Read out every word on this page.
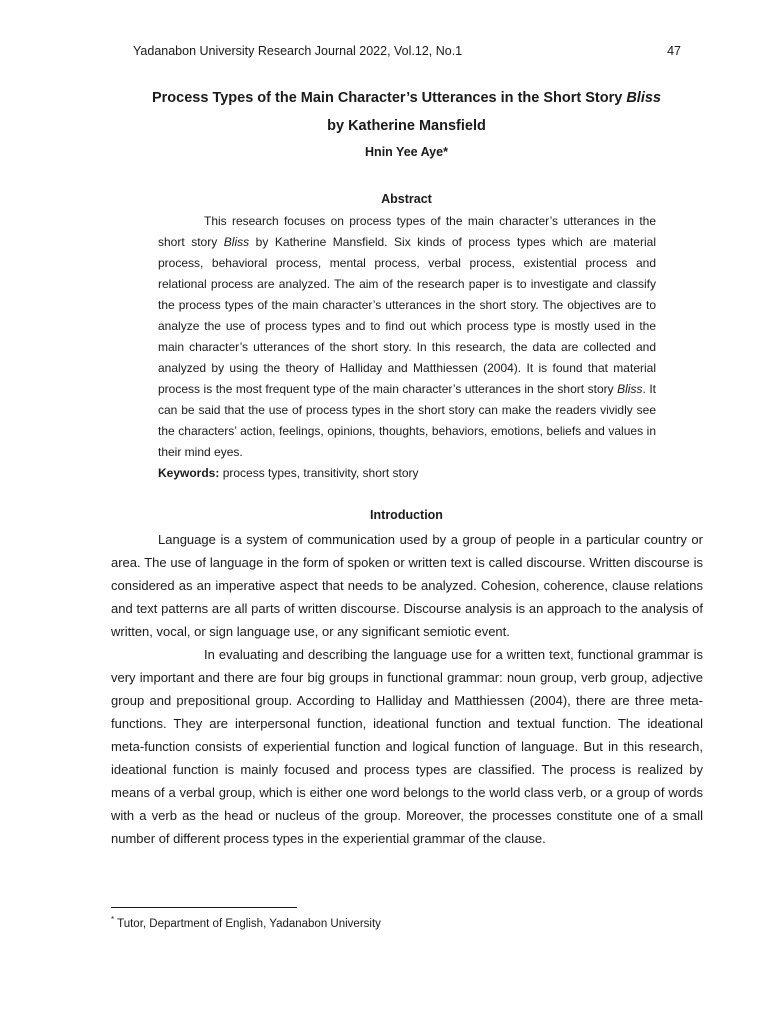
Yadanabon University Research Journal 2022, Vol.12, No.1	47
Process Types of the Main Character’s Utterances in the Short Story Bliss
by Katherine Mansfield
Hnin Yee Aye*
Abstract

This research focuses on process types of the main character’s utterances in the short story Bliss by Katherine Mansfield. Six kinds of process types which are material process, behavioral process, mental process, verbal process, existential process and relational process are analyzed. The aim of the research paper is to investigate and classify the process types of the main character’s utterances in the short story. The objectives are to analyze the use of process types and to find out which process type is mostly used in the main character’s utterances of the short story. In this research, the data are collected and analyzed by using the theory of Halliday and Matthiessen (2004). It is found that material process is the most frequent type of the main character’s utterances in the short story Bliss. It can be said that the use of process types in the short story can make the readers vividly see the characters’ action, feelings, opinions, thoughts, behaviors, emotions, beliefs and values in their mind eyes.

Keywords: process types, transitivity, short story
Introduction

Language is a system of communication used by a group of people in a particular country or area. The use of language in the form of spoken or written text is called discourse. Written discourse is considered as an imperative aspect that needs to be analyzed. Cohesion, coherence, clause relations and text patterns are all parts of written discourse. Discourse analysis is an approach to the analysis of written, vocal, or sign language use, or any significant semiotic event.

In evaluating and describing the language use for a written text, functional grammar is very important and there are four big groups in functional grammar: noun group, verb group, adjective group and prepositional group. According to Halliday and Matthiessen (2004), there are three meta-functions. They are interpersonal function, ideational function and textual function. The ideational meta-function consists of experiential function and logical function of language. But in this research, ideational function is mainly focused and process types are classified. The process is realized by means of a verbal group, which is either one word belongs to the world class verb, or a group of words with a verb as the head or nucleus of the group. Moreover, the processes constitute one of a small number of different process types in the experiential grammar of the clause.

* Tutor, Department of English, Yadanabon University
